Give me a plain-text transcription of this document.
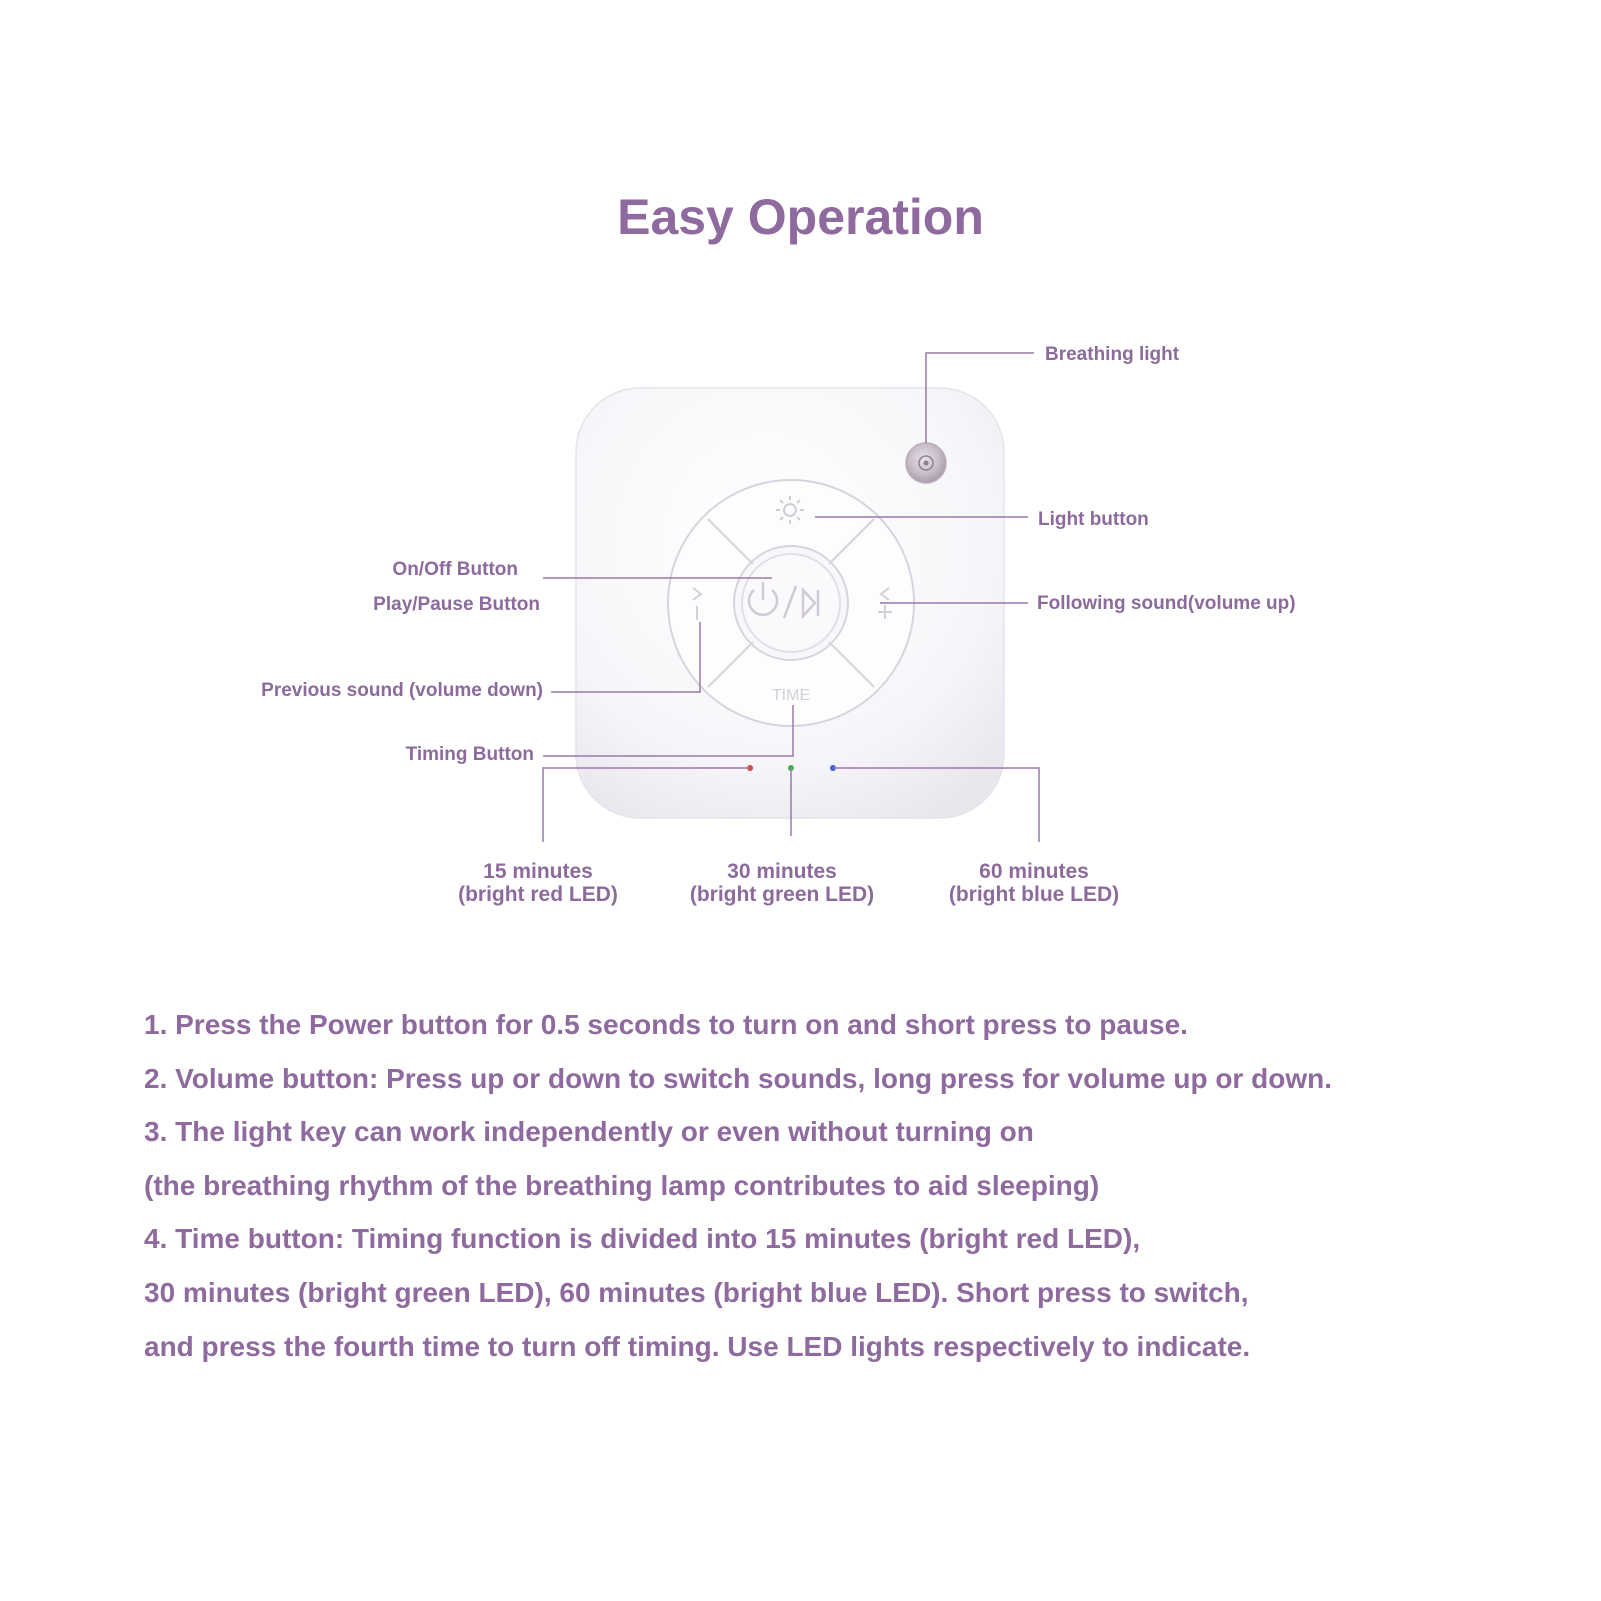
Easy Operation
TIME
Breathing light
Light button
On/Off Button
Play/Pause Button	Following sound(volume up)
Previous sound (volume down)
Timing Button
15 minutes
(bright red LED)
30 minutes
(bright green LED)
60 minutes
(bright blue LED)
1. Press the Power button for 0.5 seconds to turn on and short press to pause.
2. Volume button: Press up or down to switch sounds, long press for volume up or down.
3. The light key can work independently or even without turning on
(the breathing rhythm of the breathing lamp contributes to aid sleeping)
4. Time button: Timing function is divided into 15 minutes (bright red LED),
30 minutes (bright green LED), 60 minutes (bright blue LED). Short press to switch,
and press the fourth time to turn off timing. Use LED lights respectively to indicate.
